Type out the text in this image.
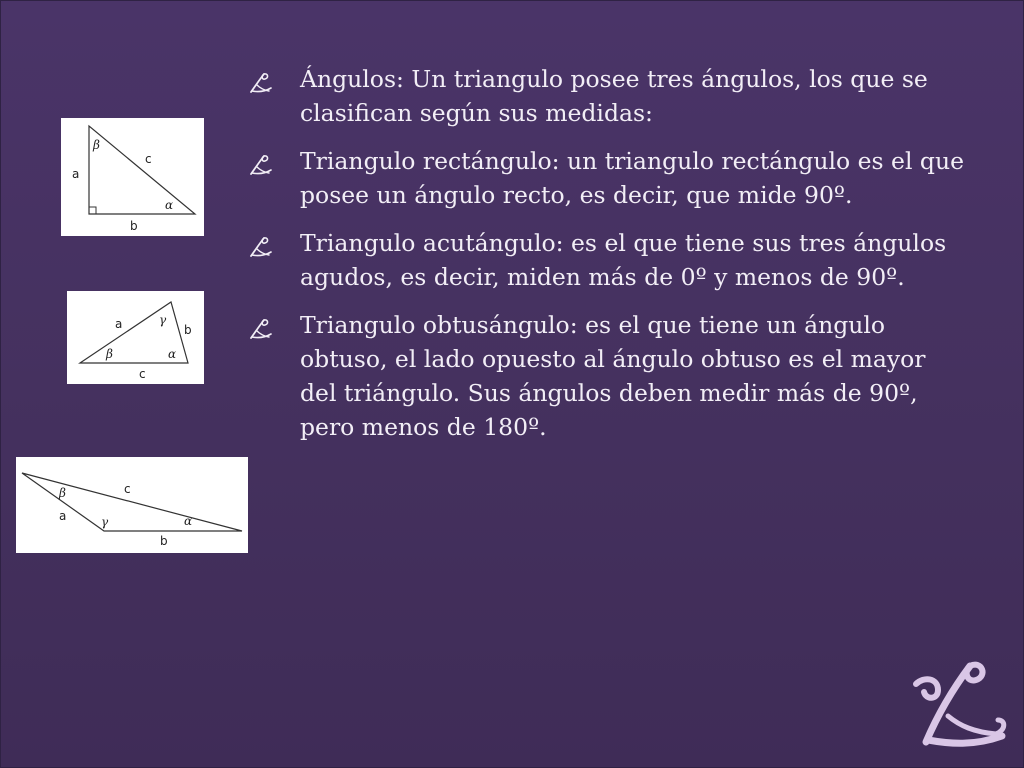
a
b
c
β
α
a	b
c
γ
β	α
a
b
c
β
γ	α
Ángulos: Un triangulo posee tres ángulos, los que se clasifican según sus medidas:
Triangulo rectángulo: un triangulo rectángulo es el que posee un ángulo recto, es decir, que mide 90º.
Triangulo acutángulo: es el que tiene sus tres ángulos agudos, es decir, miden más de 0º y menos de 90º.
Triangulo obtusángulo: es el que tiene un ángulo obtuso, el lado opuesto al ángulo obtuso es el mayor del triángulo. Sus ángulos deben medir más de 90º, pero menos de 180º.
